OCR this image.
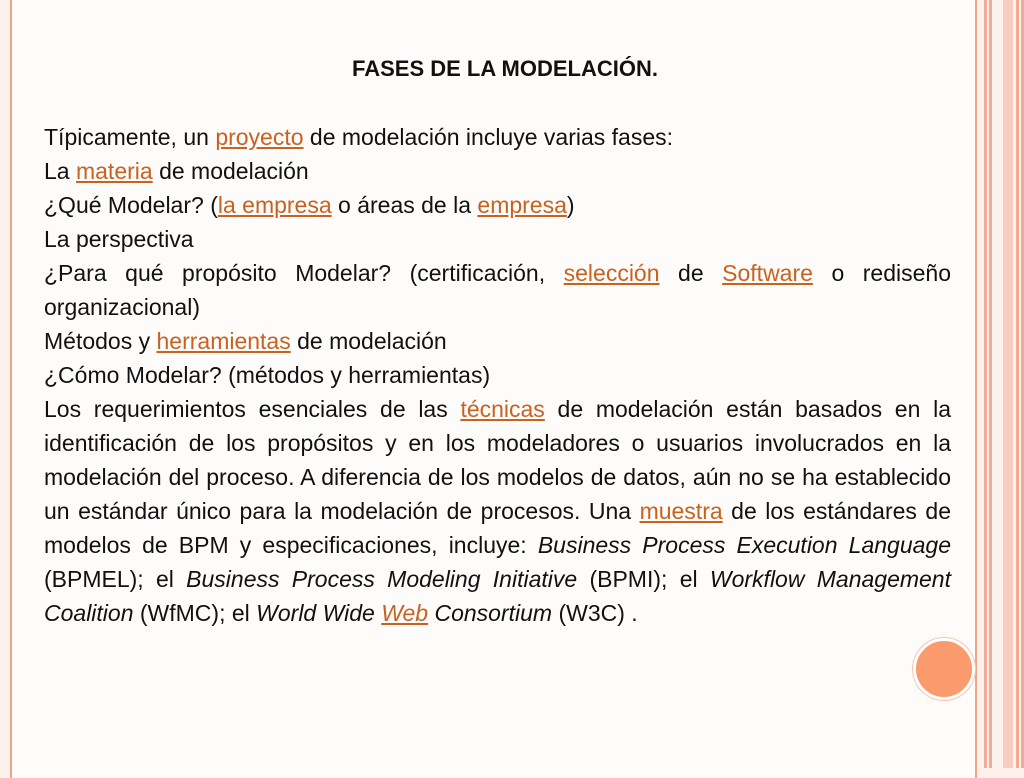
FASES DE LA MODELACIÓN.

Típicamente, un proyecto de modelación incluye varias fases:

La materia de modelación

¿Qué Modelar? (la empresa o áreas de la empresa)

La perspectiva

¿Para qué propósito Modelar? (certificación, selección de Software o rediseño organizacional)

Métodos y herramientas de modelación

¿Cómo Modelar? (métodos y herramientas)

Los requerimientos esenciales de las técnicas de modelación están basados en la identificación de los propósitos y en los modeladores o usuarios involucrados en la modelación del proceso. A diferencia de los modelos de datos, aún no se ha establecido un estándar único para la modelación de procesos. Una muestra de los estándares de modelos de BPM y especificaciones, incluye: Business Process Execution Language (BPMEL); el Business Process Modeling Initiative (BPMI); el Workflow Management Coalition (WfMC); el World Wide Web Consortium (W3C) .
